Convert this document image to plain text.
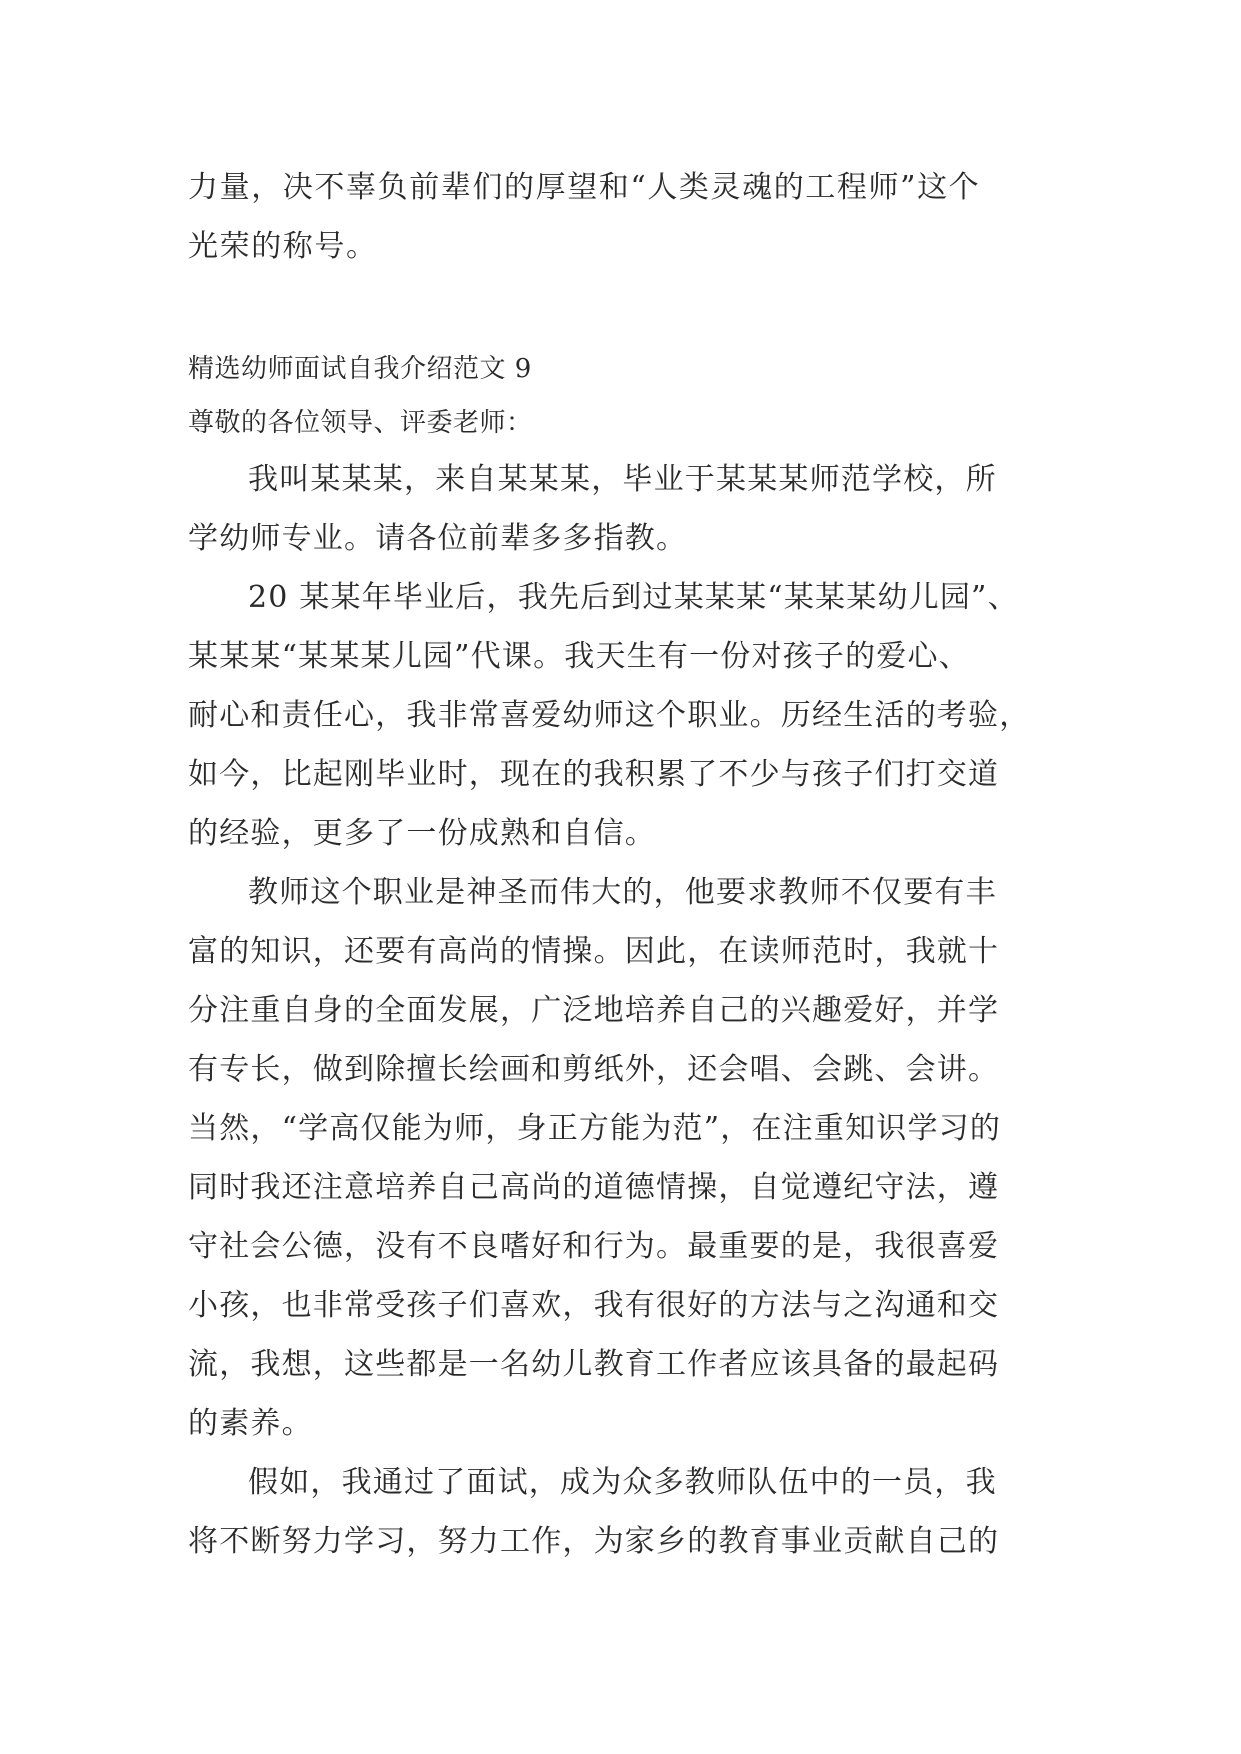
力量，决不辜负前辈们的厚望和“人类灵魂的工程师”这个
光荣的称号。
精选幼师面试自我介绍范文 9
尊敬的各位领导、评委老师：
我叫某某某，来自某某某，毕业于某某某师范学校，所
学幼师专业。请各位前辈多多指教。
20 某某年毕业后，我先后到过某某某“某某某幼儿园”、
某某某“某某某儿园”代课。我天生有一份对孩子的爱心、
耐心和责任心，我非常喜爱幼师这个职业。历经生活的考验，
如今，比起刚毕业时，现在的我积累了不少与孩子们打交道
的经验，更多了一份成熟和自信。
教师这个职业是神圣而伟大的，他要求教师不仅要有丰
富的知识，还要有高尚的情操。因此，在读师范时，我就十
分注重自身的全面发展，广泛地培养自己的兴趣爱好，并学
有专长，做到除擅长绘画和剪纸外，还会唱、会跳、会讲。
当然，“学高仅能为师，身正方能为范”，在注重知识学习的
同时我还注意培养自己高尚的道德情操，自觉遵纪守法，遵
守社会公德，没有不良嗜好和行为。最重要的是，我很喜爱
小孩，也非常受孩子们喜欢，我有很好的方法与之沟通和交
流，我想，这些都是一名幼儿教育工作者应该具备的最起码
的素养。
假如，我通过了面试，成为众多教师队伍中的一员，我
将不断努力学习，努力工作，为家乡的教育事业贡献自己的
